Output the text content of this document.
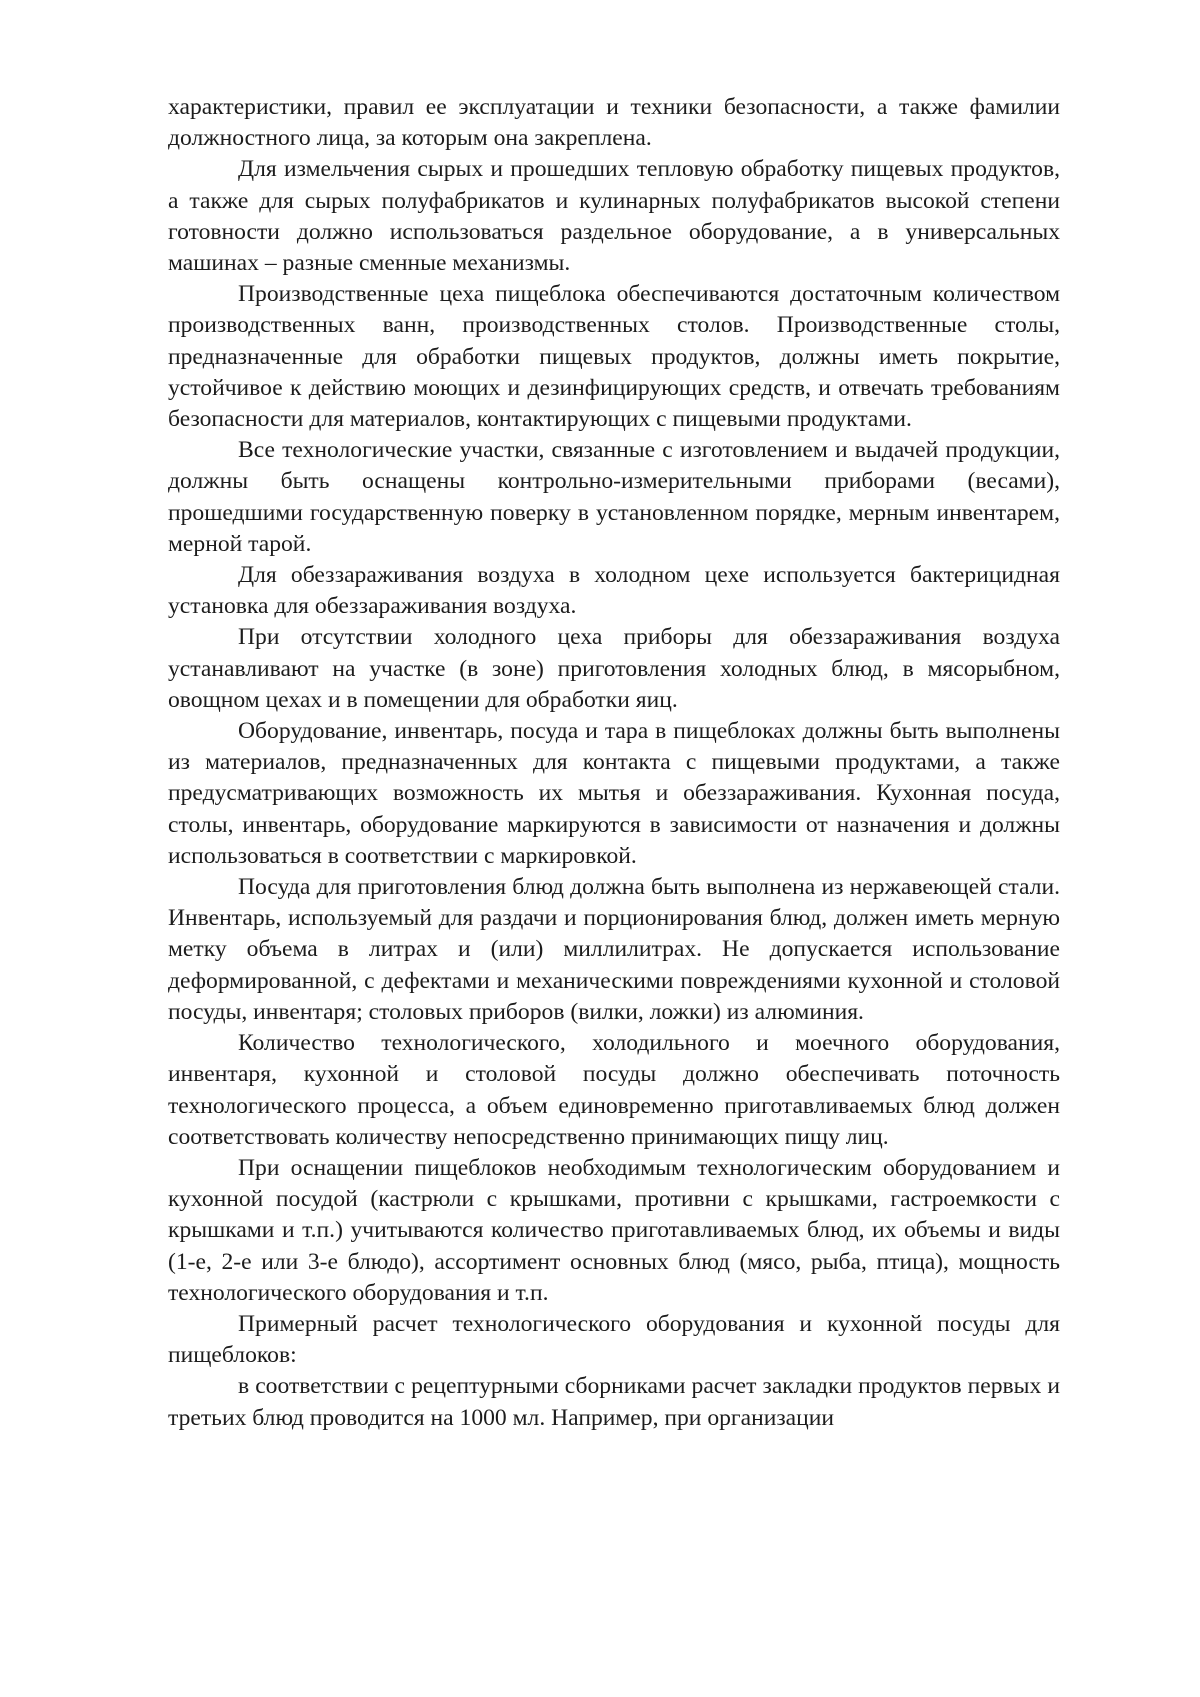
характеристики, правил ее эксплуатации и техники безопасности, а также фамилии должностного лица, за которым она закреплена.

Для измельчения сырых и прошедших тепловую обработку пищевых продуктов, а также для сырых полуфабрикатов и кулинарных полуфабрикатов высокой степени готовности должно использоваться раздельное оборудование, а в универсальных машинах – разные сменные механизмы.

Производственные цеха пищеблока обеспечиваются достаточным количеством производственных ванн, производственных столов. Производственные столы, предназначенные для обработки пищевых продуктов, должны иметь покрытие, устойчивое к действию моющих и дезинфицирующих средств, и отвечать требованиям безопасности для материалов, контактирующих с пищевыми продуктами.

Все технологические участки, связанные с изготовлением и выдачей продукции, должны быть оснащены контрольно-измерительными приборами (весами), прошедшими государственную поверку в установленном порядке, мерным инвентарем, мерной тарой.

Для обеззараживания воздуха в холодном цехе используется бактерицидная установка для обеззараживания воздуха.

При отсутствии холодного цеха приборы для обеззараживания воздуха устанавливают на участке (в зоне) приготовления холодных блюд, в мясорыбном, овощном цехах и в помещении для обработки яиц.

Оборудование, инвентарь, посуда и тара в пищеблоках должны быть выполнены из материалов, предназначенных для контакта с пищевыми продуктами, а также предусматривающих возможность их мытья и обеззараживания. Кухонная посуда, столы, инвентарь, оборудование маркируются в зависимости от назначения и должны использоваться в соответствии с маркировкой.

Посуда для приготовления блюд должна быть выполнена из нержавеющей стали. Инвентарь, используемый для раздачи и порционирования блюд, должен иметь мерную метку объема в литрах и (или) миллилитрах. Не допускается использование деформированной, с дефектами и механическими повреждениями кухонной и столовой посуды, инвентаря; столовых приборов (вилки, ложки) из алюминия.

Количество технологического, холодильного и моечного оборудования, инвентаря, кухонной и столовой посуды должно обеспечивать поточность технологического процесса, а объем единовременно приготавливаемых блюд должен соответствовать количеству непосредственно принимающих пищу лиц.

При оснащении пищеблоков необходимым технологическим оборудованием и кухонной посудой (кастрюли с крышками, противни с крышками, гастроемкости с крышками и т.п.) учитываются количество приготавливаемых блюд, их объемы и виды (1-е, 2-е или 3-е блюдо), ассортимент основных блюд (мясо, рыба, птица), мощность технологического оборудования и т.п.

Примерный расчет технологического оборудования и кухонной посуды для пищеблоков:

в соответствии с рецептурными сборниками расчет закладки продуктов первых и третьих блюд проводится на 1000 мл. Например, при организации
